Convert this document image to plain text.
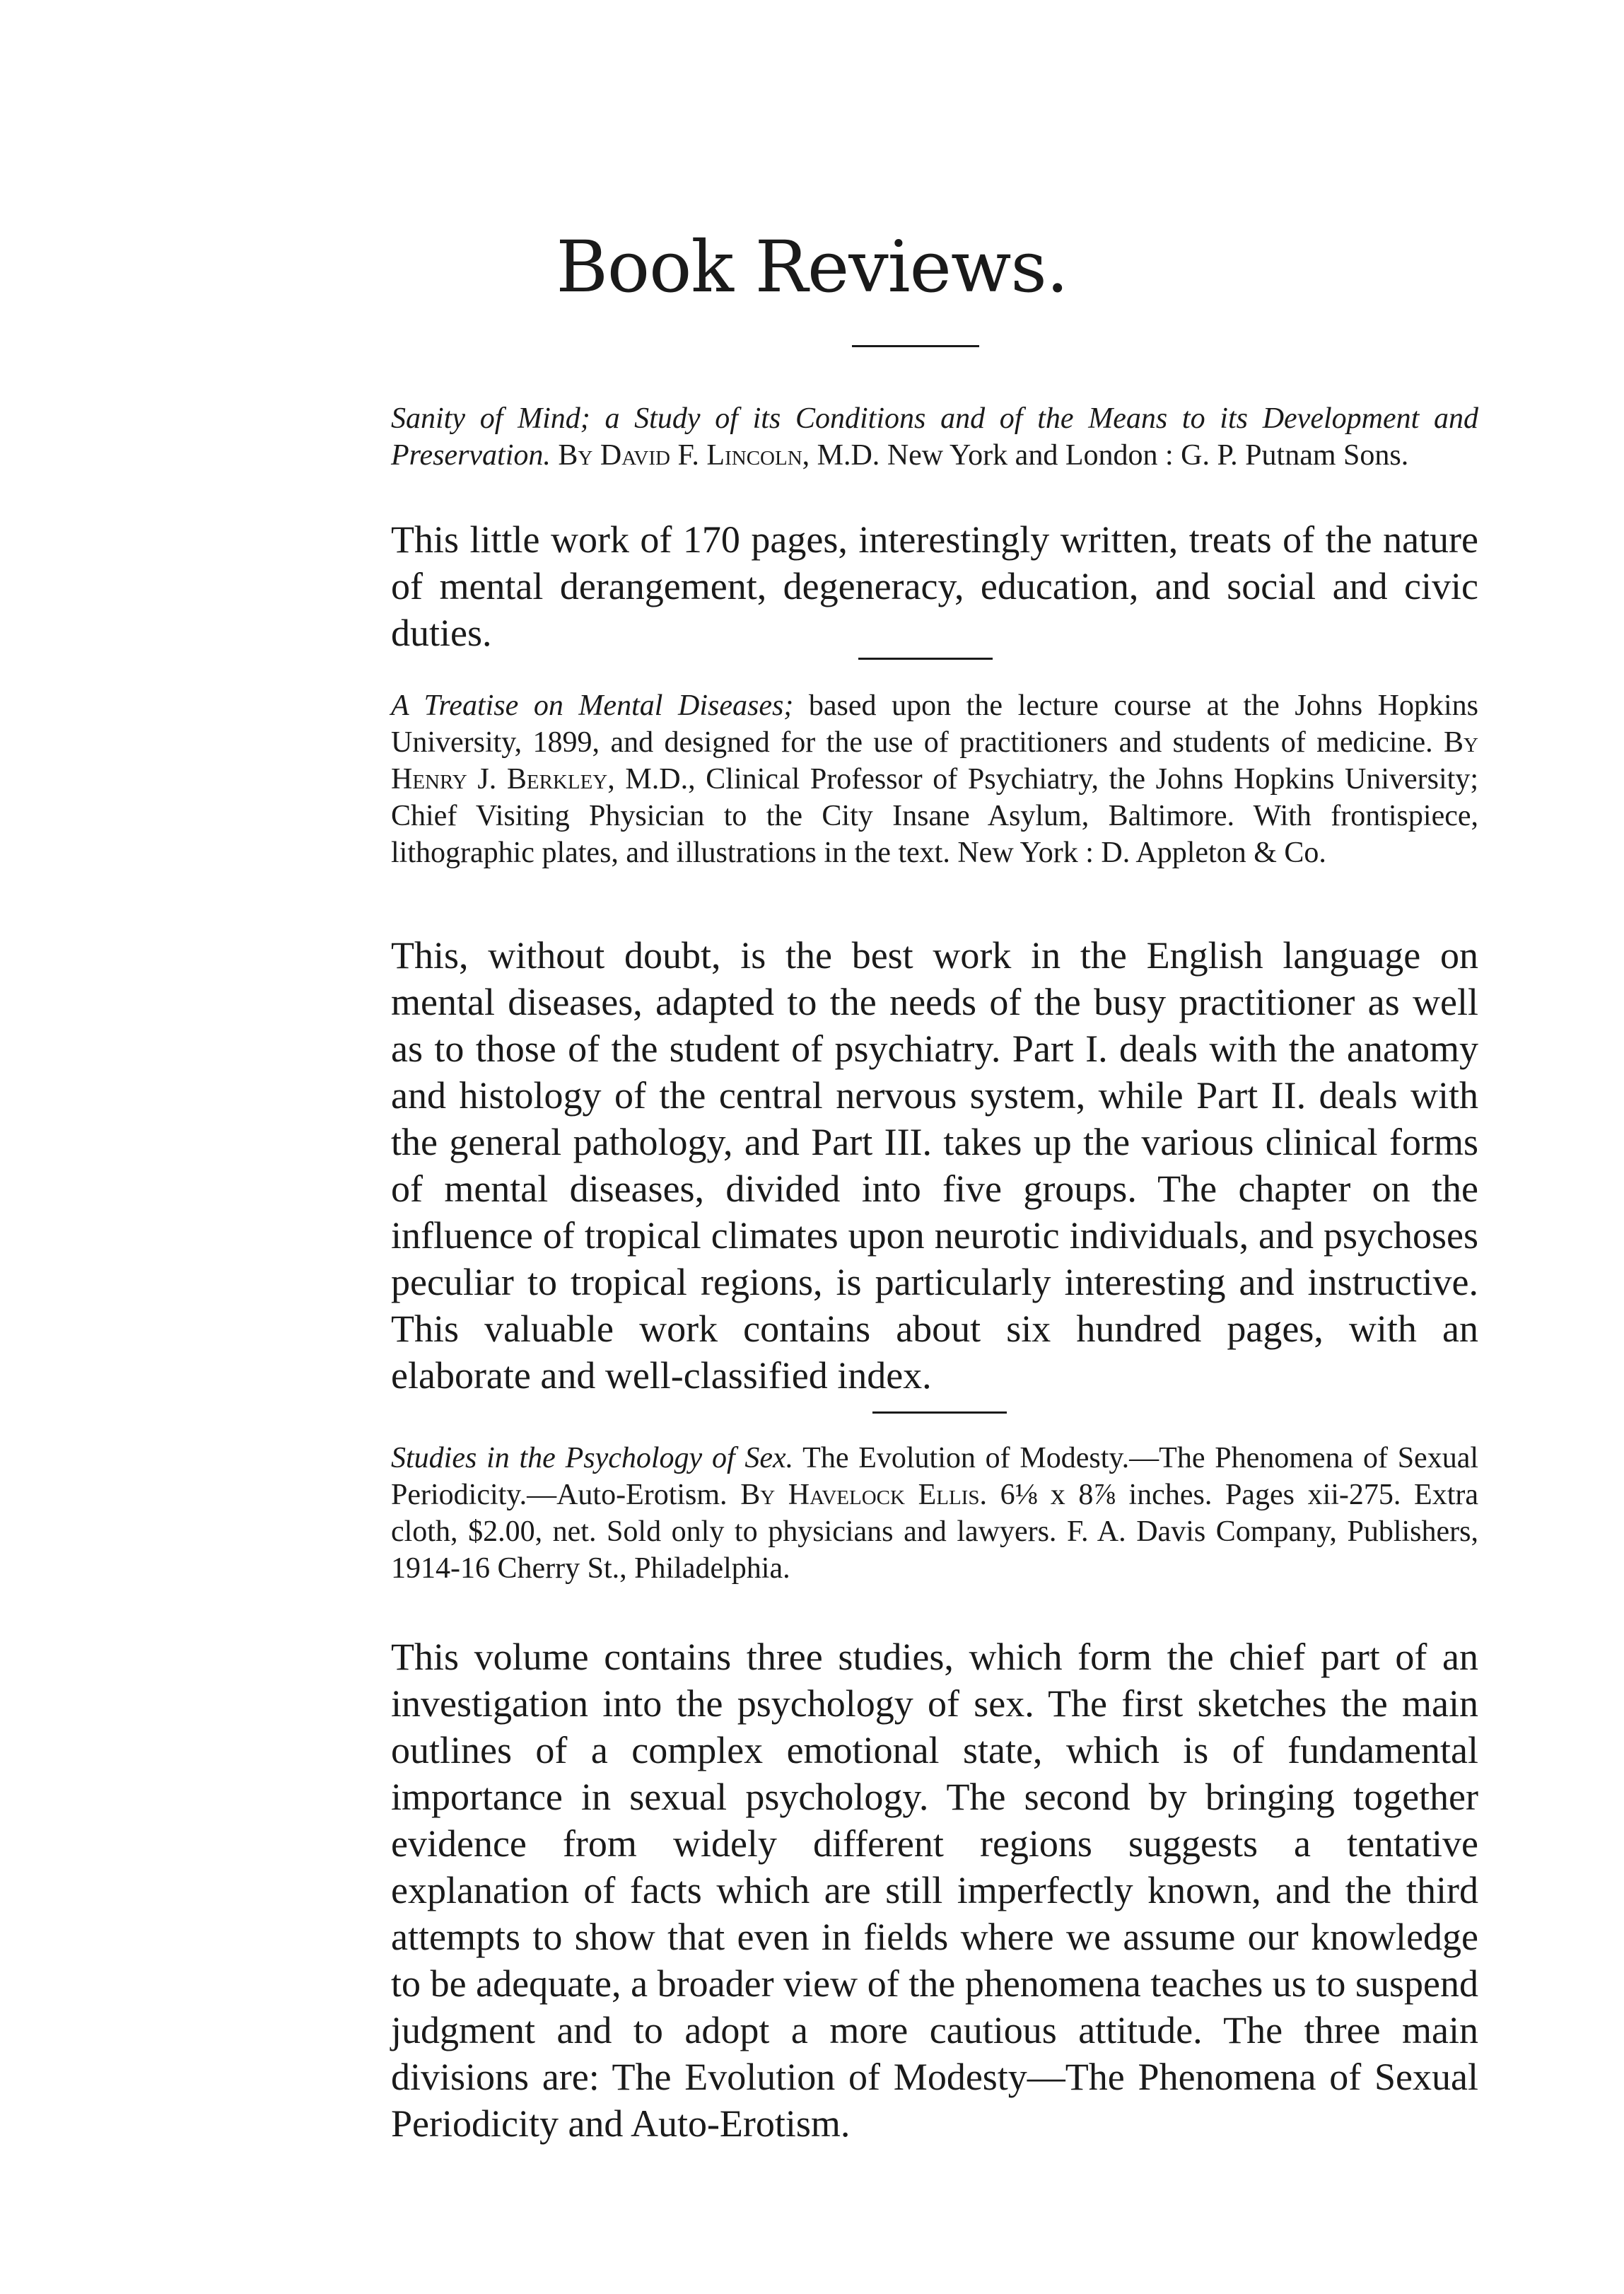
Book Reviews.

Sanity of Mind; a Study of its Conditions and of the Means to its Development and Preservation. By David F. Lincoln, M.D. New York and London : G. P. Putnam Sons.

This little work of 170 pages, interestingly written, treats of the nature of mental derangement, degeneracy, education, and social and civic duties.

A Treatise on Mental Diseases; based upon the lecture course at the Johns Hopkins University, 1899, and designed for the use of practitioners and students of medicine. By Henry J. Berkley, M.D., Clinical Professor of Psychiatry, the Johns Hopkins University; Chief Visiting Physician to the City Insane Asylum, Baltimore. With frontispiece, lithographic plates, and illustrations in the text. New York : D. Appleton & Co.

This, without doubt, is the best work in the English language on mental diseases, adapted to the needs of the busy practitioner as well as to those of the student of psychiatry. Part I. deals with the anatomy and histology of the central nervous system, while Part II. deals with the general pathology, and Part III. takes up the various clinical forms of mental diseases, divided into five groups. The chapter on the influence of tropical climates upon neurotic individuals, and psychoses peculiar to tropical regions, is particularly interesting and instructive. This valuable work contains about six hundred pages, with an elaborate and well-classified index.

Studies in the Psychology of Sex. The Evolution of Modesty.—The Phenomena of Sexual Periodicity.—Auto-Erotism. By Havelock Ellis. 6⅛ x 8⅞ inches. Pages xii-275. Extra cloth, $2.00, net. Sold only to physicians and lawyers. F. A. Davis Company, Publishers, 1914-16 Cherry St., Philadelphia.

This volume contains three studies, which form the chief part of an investigation into the psychology of sex. The first sketches the main outlines of a complex emotional state, which is of fundamental importance in sexual psychology. The second by bringing together evidence from widely different regions suggests a tentative explanation of facts which are still imperfectly known, and the third attempts to show that even in fields where we assume our knowledge to be adequate, a broader view of the phenomena teaches us to suspend judgment and to adopt a more cautious attitude. The three main divisions are: The Evolution of Modesty—The Phenomena of Sexual Periodicity and Auto-Erotism.
